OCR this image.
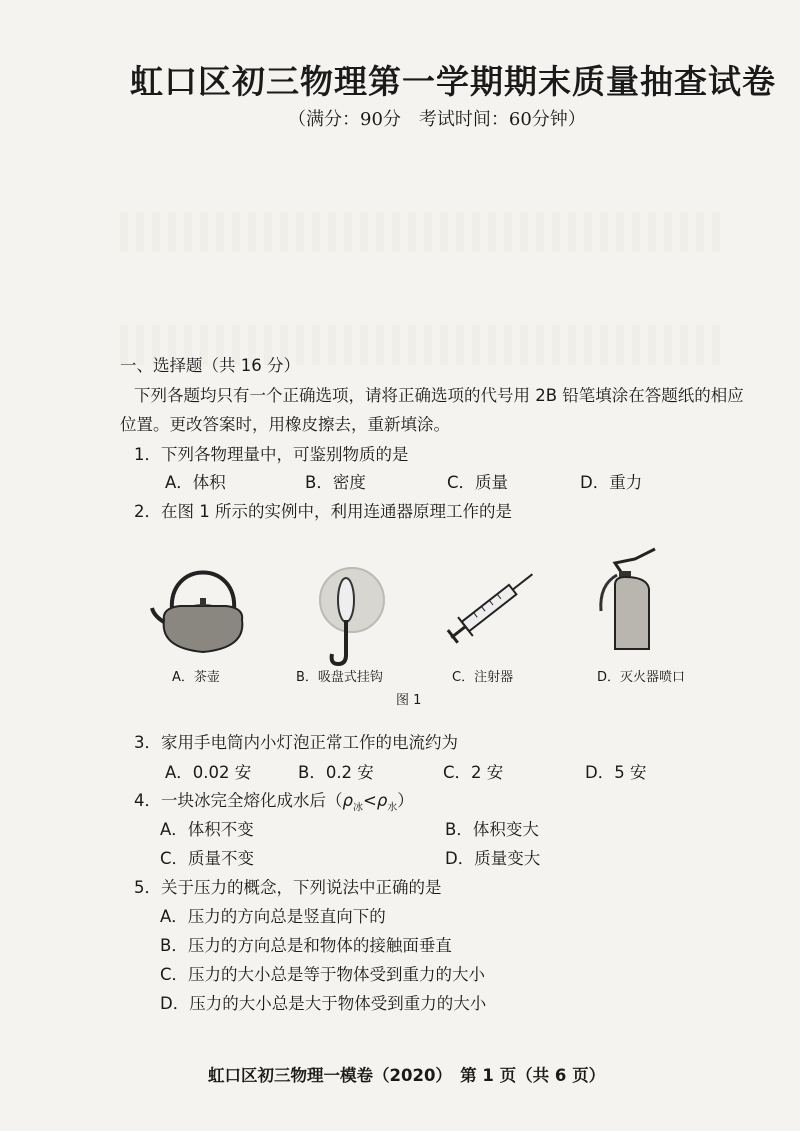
虹口区初三物理第一学期期末质量抽查试卷
（满分：90分　考试时间：60分钟）
一、选择题（共 16 分）
下列各题均只有一个正确选项，请将正确选项的代号用 2B 铅笔填涂在答题纸的相应
位置。更改答案时，用橡皮擦去，重新填涂。
1．下列各物理量中，可鉴别物质的是
A．体积	B．密度	C．质量	D．重力
2．在图 1 所示的实例中，利用连通器原理工作的是
A．茶壶	B．吸盘式挂钩	C．注射器	D．灭火器喷口
图 1
3．家用手电筒内小灯泡正常工作的电流约为
A．0.02 安	B．0.2 安	C．2 安	D．5 安
4．一块冰完全熔化成水后$(\rho_冰<\rho_水)$
A．体积不变	B．体积变大
C．质量不变	D．质量变大
5．关于压力的概念，下列说法中正确的是
A．压力的方向总是竖直向下的
B．压力的方向总是和物体的接触面垂直
C．压力的大小总是等于物体受到重力的大小
D．压力的大小总是大于物体受到重力的大小
虹口区初三物理一模卷（2020）　第 1 页（共 6 页）
